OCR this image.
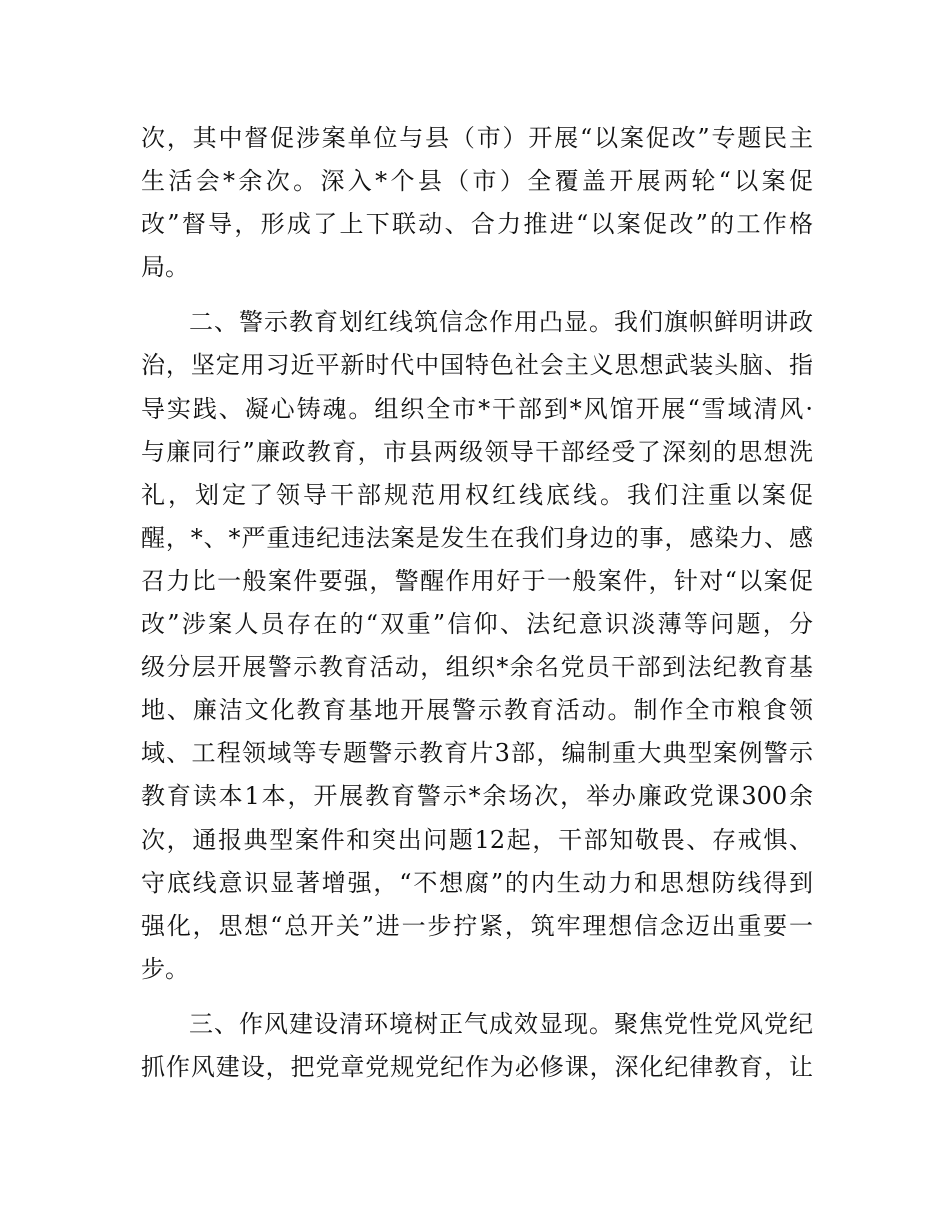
次，其中督促涉案单位与县（市）开展“以案促改”专题民主
生活会*余次。深入*个县（市）全覆盖开展两轮“以案促
改”督导，形成了上下联动、合力推进“以案促改”的工作格
局。
二、警示教育划红线筑信念作用凸显。我们旗帜鲜明讲政
治，坚定用习近平新时代中国特色社会主义思想武装头脑、指
导实践、凝心铸魂。组织全市*干部到*风馆开展“雪域清风·
与廉同行”廉政教育，市县两级领导干部经受了深刻的思想洗
礼，划定了领导干部规范用权红线底线。我们注重以案促
醒，*、*严重违纪违法案是发生在我们身边的事，感染力、感
召力比一般案件要强，警醒作用好于一般案件，针对“以案促
改”涉案人员存在的“双重”信仰、法纪意识淡薄等问题，分
级分层开展警示教育活动，组织*余名党员干部到法纪教育基
地、廉洁文化教育基地开展警示教育活动。制作全市粮食领
域、工程领域等专题警示教育片3部，编制重大典型案例警示
教育读本1本，开展教育警示*余场次，举办廉政党课300余
次，通报典型案件和突出问题12起，干部知敬畏、存戒惧、
守底线意识显著增强，“不想腐”的内生动力和思想防线得到
强化，思想“总开关”进一步拧紧，筑牢理想信念迈出重要一
步。
三、作风建设清环境树正气成效显现。聚焦党性党风党纪
抓作风建设，把党章党规党纪作为必修课，深化纪律教育，让
